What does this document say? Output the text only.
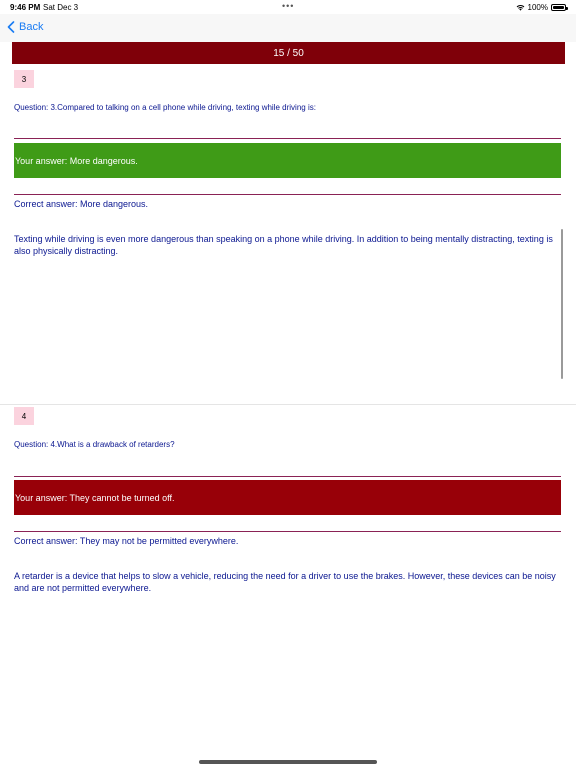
9:46 PM Sat Dec 3	•••	100%
Back
15 / 50
3
Question: 3.Compared to talking on a cell phone while driving, texting while driving is:
Your answer: More dangerous.
Correct answer: More dangerous.
Texting while driving is even more dangerous than speaking on a phone while driving. In addition to being mentally distracting, texting is also physically distracting.
4
Question: 4.What is a drawback of retarders?
Your answer: They cannot be turned off.
Correct answer: They may not be permitted everywhere.
A retarder is a device that helps to slow a vehicle, reducing the need for a driver to use the brakes. However, these devices can be noisy and are not permitted everywhere.
